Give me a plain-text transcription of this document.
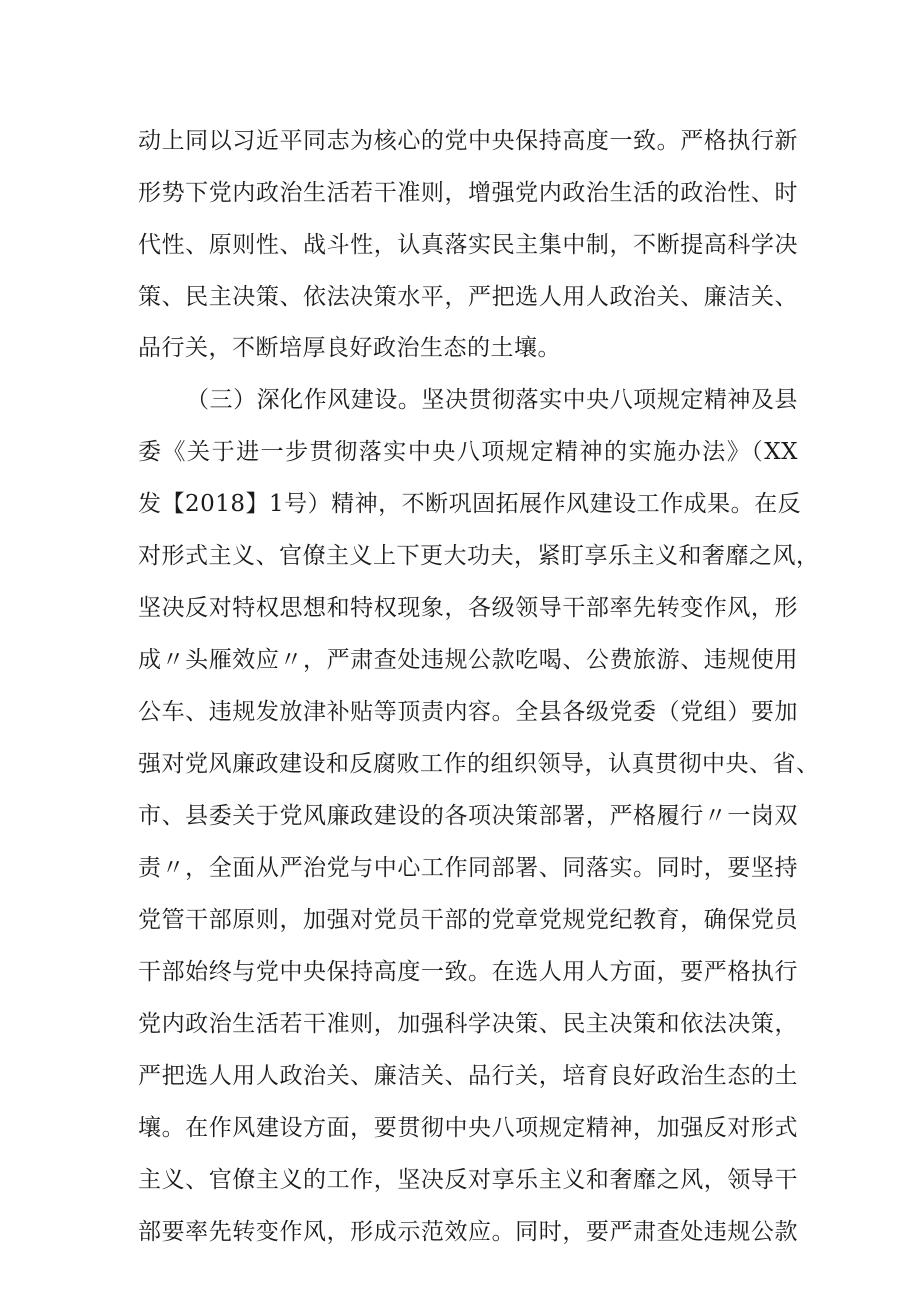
动上同以习近平同志为核心的党中央保持高度一致。严格执行新
形势下党内政治生活若干准则，增强党内政治生活的政治性、时
代性、原则性、战斗性，认真落实民主集中制，不断提高科学决
策、民主决策、依法决策水平，严把选人用人政治关、廉洁关、
品行关，不断培厚良好政治生态的土壤。
（三）深化作风建设。坚决贯彻落实中央八项规定精神及县
委《关于进一步贯彻落实中央八项规定精神的实施办法》（XX
发【2018】1号）精神，不断巩固拓展作风建设工作成果。在反
对形式主义、官僚主义上下更大功夫，紧盯享乐主义和奢靡之风，
坚决反对特权思想和特权现象，各级领导干部率先转变作风，形
成〃头雁效应〃，严肃查处违规公款吃喝、公费旅游、违规使用
公车、违规发放津补贴等顶责内容。全县各级党委（党组）要加
强对党风廉政建设和反腐败工作的组织领导，认真贯彻中央、省、
市、县委关于党风廉政建设的各项决策部署，严格履行〃一岗双
责〃，全面从严治党与中心工作同部署、同落实。同时，要坚持
党管干部原则，加强对党员干部的党章党规党纪教育，确保党员
干部始终与党中央保持高度一致。在选人用人方面，要严格执行
党内政治生活若干准则，加强科学决策、民主决策和依法决策，
严把选人用人政治关、廉洁关、品行关，培育良好政治生态的土
壤。在作风建设方面，要贯彻中央八项规定精神，加强反对形式
主义、官僚主义的工作，坚决反对享乐主义和奢靡之风，领导干
部要率先转变作风，形成示范效应。同时，要严肃查处违规公款
